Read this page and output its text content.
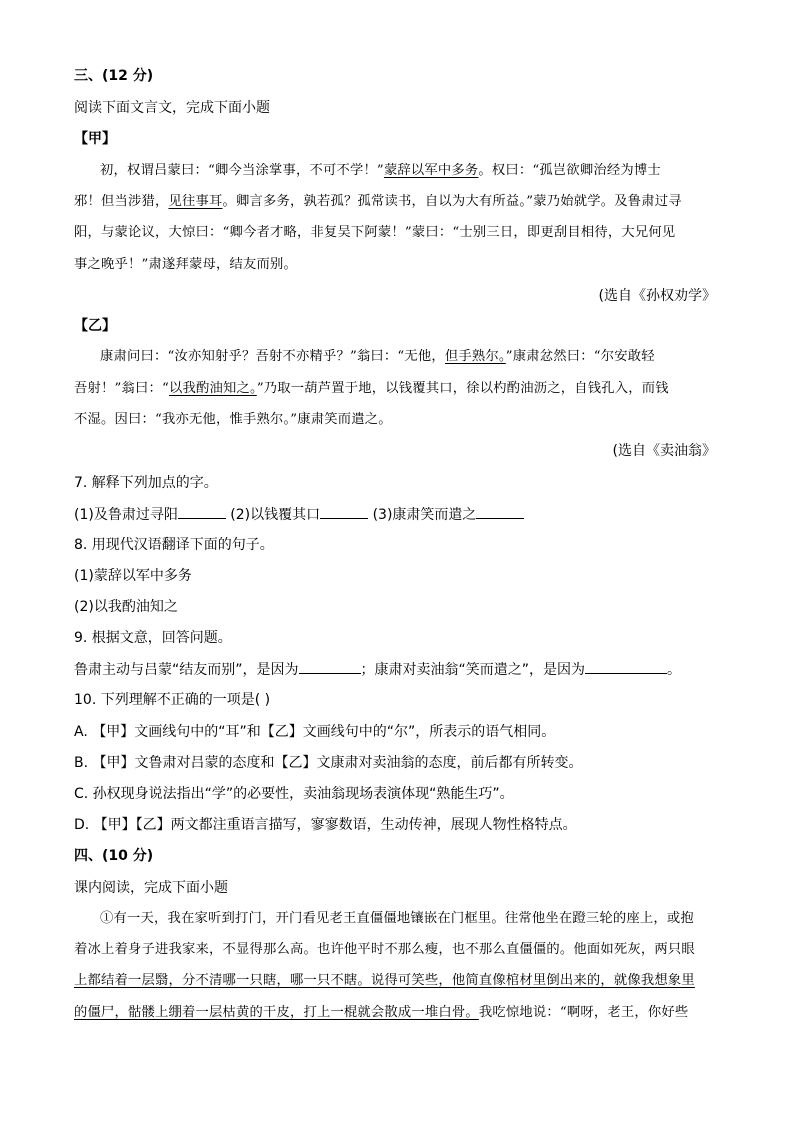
三、(12 分)
阅读下面文言文，完成下面小题
【甲】
初，权谓吕蒙曰：“卿今当涂掌事，不可不学！”蒙辞以军中多务。权曰：“孤岂欲卿治经为博士
邪！但当涉猎，见往事耳。卿言多务，孰若孤？孤常读书，自以为大有所益。”蒙乃始就学。及鲁肃过寻
阳，与蒙论议，大惊曰：“卿今者才略，非复吴下阿蒙！”蒙曰：“士别三日，即更刮目相待，大兄何见
事之晚乎！”肃遂拜蒙母，结友而别。
(选自《孙权劝学》
【乙】
康肃问曰：“汝亦知射乎？吾射不亦精乎？”翁曰：“无他，但手熟尔。”康肃忿然曰：“尔安敢轻
吾射！”翁曰：“以我酌油知之。”乃取一葫芦置于地，以钱覆其口，徐以杓酌油沥之，自钱孔入，而钱
不湿。因曰：“我亦无他，惟手熟尔。”康肃笑而遣之。
(选自《卖油翁》
7. 解释下列加点的字。
(1)及鲁肃过寻阳	(2)以钱覆其口	(3)康肃笑而遣之
8. 用现代汉语翻译下面的句子。
(1)蒙辞以军中多务
(2)以我酌油知之
9. 根据文意，回答问题。
鲁肃主动与吕蒙“结友而别”，是因为	；康肃对卖油翁“笑而遣之”，是因为	。
10. 下列理解不正确的一项是( )
A. 【甲】文画线句中的“耳”和【乙】文画线句中的“尔”，所表示的语气相同。
B. 【甲】文鲁肃对吕蒙的态度和【乙】文康肃对卖油翁的态度，前后都有所转变。
C. 孙权现身说法指出“学”的必要性，卖油翁现场表演体现“熟能生巧”。
D. 【甲】【乙】两文都注重语言描写，寥寥数语，生动传神，展现人物性格特点。
四、(10 分)
课内阅读，完成下面小题
①有一天，我在家听到打门，开门看见老王直僵僵地镶嵌在门框里。往常他坐在蹬三轮的座上，或抱
着冰上着身子进我家来，不显得那么高。也许他平时不那么瘦，也不那么直僵僵的。他面如死灰，两只眼
上都结着一层翳，分不清哪一只瞎，哪一只不瞎。说得可笑些，他简直像棺材里倒出来的，就像我想象里
的僵尸，骷髅上绷着一层枯黄的干皮，打上一棍就会散成一堆白骨。我吃惊地说：“啊呀，老王，你好些
